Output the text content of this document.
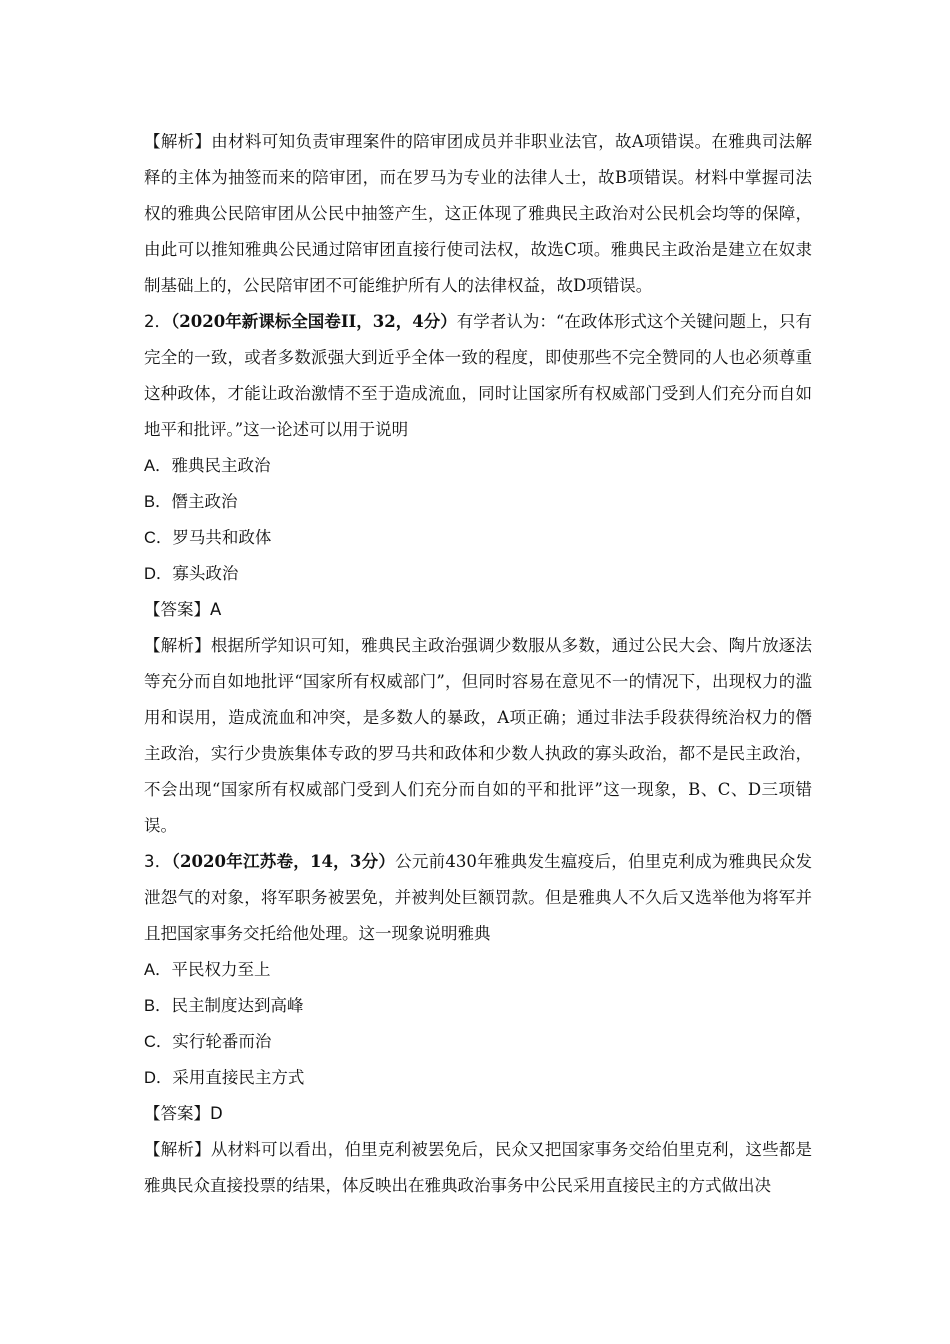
【解析】由材料可知负责审理案件的陪审团成员并非职业法官，故A项错误。在雅典司法解释的主体为抽签而来的陪审团，而在罗马为专业的法律人士，故B项错误。材料中掌握司法权的雅典公民陪审团从公民中抽签产生，这正体现了雅典民主政治对公民机会均等的保障，由此可以推知雅典公民通过陪审团直接行使司法权，故选C项。雅典民主政治是建立在奴隶制基础上的，公民陪审团不可能维护所有人的法律权益，故D项错误。

2．（2020年新课标全国卷II，32，4分）有学者认为：“在政体形式这个关键问题上，只有完全的一致，或者多数派强大到近乎全体一致的程度，即使那些不完全赞同的人也必须尊重这种政体，才能让政治激情不至于造成流血，同时让国家所有权威部门受到人们充分而自如地平和批评。”这一论述可以用于说明

A．雅典民主政治

B．僭主政治

C．罗马共和政体

D．寡头政治

【答案】A

【解析】根据所学知识可知，雅典民主政治强调少数服从多数，通过公民大会、陶片放逐法等充分而自如地批评“国家所有权威部门”，但同时容易在意见不一的情况下，出现权力的滥用和误用，造成流血和冲突，是多数人的暴政，A项正确；通过非法手段获得统治权力的僭主政治，实行少贵族集体专政的罗马共和政体和少数人执政的寡头政治，都不是民主政治，不会出现“国家所有权威部门受到人们充分而自如的平和批评”这一现象，B、C、D三项错误。

3．（2020年江苏卷，14，3分）公元前430年雅典发生瘟疫后，伯里克利成为雅典民众发泄怨气的对象，将军职务被罢免，并被判处巨额罚款。但是雅典人不久后又选举他为将军并且把国家事务交托给他处理。这一现象说明雅典

A．平民权力至上

B．民主制度达到高峰

C．实行轮番而治

D．采用直接民主方式

【答案】D

【解析】从材料可以看出，伯里克利被罢免后，民众又把国家事务交给伯里克利，这些都是雅典民众直接投票的结果，体反映出在雅典政治事务中公民采用直接民主的方式做出决
